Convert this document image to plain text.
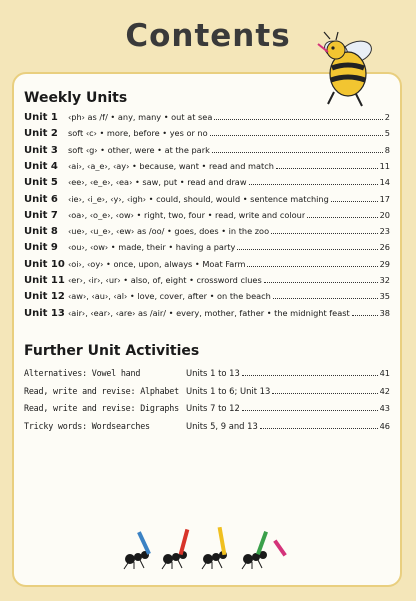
Contents
Weekly Units
Unit 1	‹ph› as /f/ • any, many • out at sea	2
Unit 2	soft ‹c› • more, before • yes or no	5
Unit 3	soft ‹g› • other, were • at the park	8
Unit 4	‹ai›, ‹a_e›, ‹ay› • because, want • read and match	11
Unit 5	‹ee›, ‹e_e›, ‹ea› • saw, put • read and draw	14
Unit 6	‹ie›, ‹i_e›, ‹y›, ‹igh› • could, should, would • sentence matching	17
Unit 7	‹oa›, ‹o_e›, ‹ow› • right, two, four • read, write and colour	20
Unit 8	‹ue›, ‹u_e›, ‹ew› as /oo/ • goes, does • in the zoo	23
Unit 9	‹ou›, ‹ow› • made, their • having a party	26
Unit 10 ‹oi›, ‹oy› • once, upon, always • Moat Farm	29
Unit 11 ‹er›, ‹ir›, ‹ur› • also, of, eight • crossword clues	32
Unit 12 ‹aw›, ‹au›, ‹al› • love, cover, after • on the beach	35
Unit 13 ‹air›, ‹ear›, ‹are› as /air/ • every, mother, father • the midnight feast	38
Further Unit Activities
Alternatives: Vowel hand	Units 1 to 13	41
Read, write and revise: Alphabet Units 1 to 6; Unit 13	42
Read, write and revise: Digraphs Units 7 to 12	43
Tricky words: Wordsearches	Units 5, 9 and 13	46
